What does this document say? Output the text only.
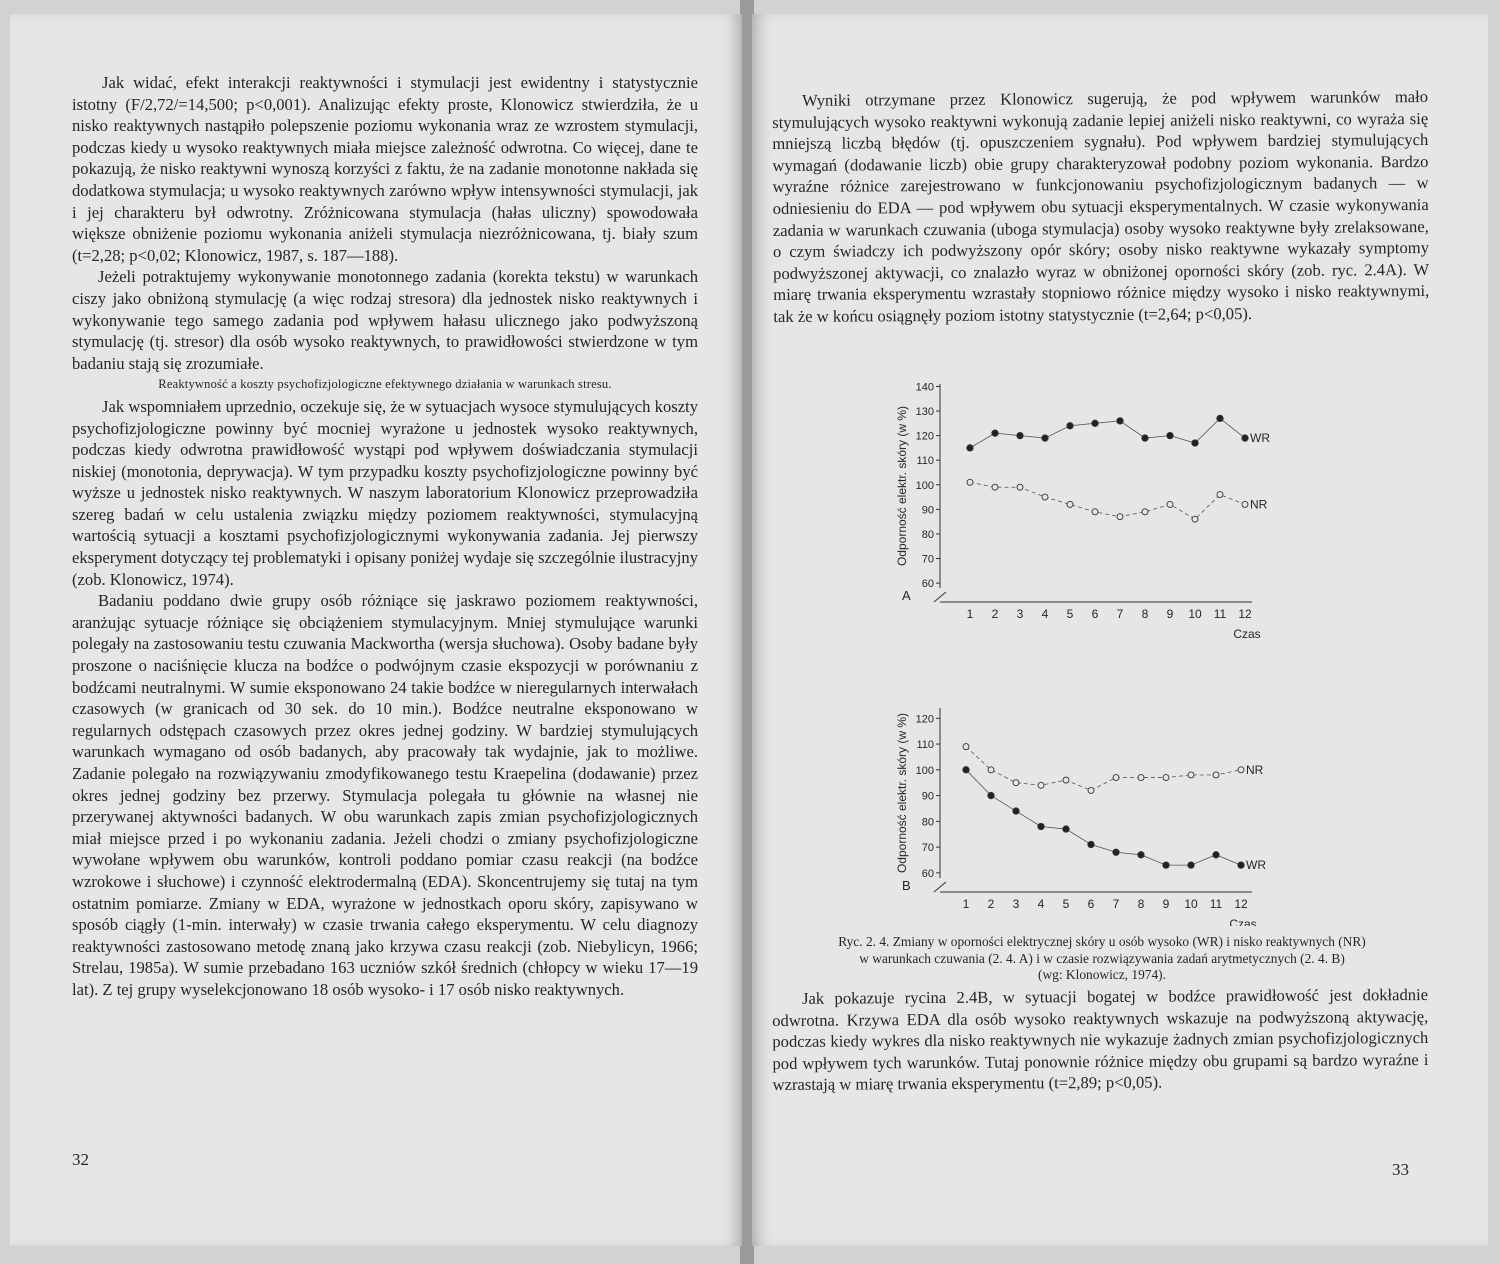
Jak widać, efekt interakcji reaktywności i stymulacji jest ewidentny i statystycznie istotny (F/2,72/=14,500; p<0,001). Analizując efekty proste, Klonowicz stwierdziła, że u nisko reaktywnych nastąpiło polepszenie poziomu wykonania wraz ze wzrostem stymulacji, podczas kiedy u wysoko reaktywnych miała miejsce zależność odwrotna. Co więcej, dane te pokazują, że nisko reaktywni wynoszą korzyści z faktu, że na zadanie monotonne nakłada się dodatkowa stymulacja; u wysoko reaktywnych zarówno wpływ intensywności stymulacji, jak i jej charakteru był odwrotny. Zróżnicowana stymulacja (hałas uliczny) spowodowała większe obniżenie poziomu wykonania aniżeli stymulacja niezróżnicowana, tj. biały szum (t=2,28; p<0,02; Klonowicz, 1987, s. 187—188).

Jeżeli potraktujemy wykonywanie monotonnego zadania (korekta tekstu) w warunkach ciszy jako obniżoną stymulację (a więc rodzaj stresora) dla jednostek nisko reaktywnych i wykonywanie tego samego zadania pod wpływem hałasu ulicznego jako podwyższoną stymulację (tj. stresor) dla osób wysoko reaktywnych, to prawidłowości stwierdzone w tym badaniu stają się zrozumiałe.

Reaktywność a koszty psychofizjologiczne efektywnego działania w warunkach stresu.

Jak wspomniałem uprzednio, oczekuje się, że w sytuacjach wysoce stymulujących koszty psychofizjologiczne powinny być mocniej wyrażone u jednostek wysoko reaktywnych, podczas kiedy odwrotna prawidłowość wystąpi pod wpływem doświadczania stymulacji niskiej (monotonia, deprywacja). W tym przypadku koszty psychofizjologiczne powinny być wyższe u jednostek nisko reaktywnych. W naszym laboratorium Klonowicz przeprowadziła szereg badań w celu ustalenia związku między poziomem reaktywności, stymulacyjną wartością sytuacji a kosztami psychofizjologicznymi wykonywania zadania. Jej pierwszy eksperyment dotyczący tej problematyki i opisany poniżej wydaje się szczególnie ilustracyjny (zob. Klonowicz, 1974).

Badaniu poddano dwie grupy osób różniące się jaskrawo poziomem reaktywności, aranżując sytuacje różniące się obciążeniem stymulacyjnym. Mniej stymulujące warunki polegały na zastosowaniu testu czuwania Mackwortha (wersja słuchowa). Osoby badane były proszone o naciśnięcie klucza na bodźce o podwójnym czasie ekspozycji w porównaniu z bodźcami neutralnymi. W sumie eksponowano 24 takie bodźce w nieregularnych interwałach czasowych (w granicach od 30 sek. do 10 min.). Bodźce neutralne eksponowano w regularnych odstępach czasowych przez okres jednej godziny. W bardziej stymulujących warunkach wymagano od osób badanych, aby pracowały tak wydajnie, jak to możliwe. Zadanie polegało na rozwiązywaniu zmodyfikowanego testu Kraepelina (dodawanie) przez okres jednej godziny bez przerwy. Stymulacja polegała tu głównie na własnej nie przerywanej aktywności badanych. W obu warunkach zapis zmian psychofizjologicznych miał miejsce przed i po wykonaniu zadania. Jeżeli chodzi o zmiany psychofizjologiczne wywołane wpływem obu warunków, kontroli poddano pomiar czasu reakcji (na bodźce wzrokowe i słuchowe) i czynność elektrodermalną (EDA). Skoncentrujemy się tutaj na tym ostatnim pomiarze. Zmiany w EDA, wyrażone w jednostkach oporu skóry, zapisywano w sposób ciągły (1-min. interwały) w czasie trwania całego eksperymentu. W celu diagnozy reaktywności zastosowano metodę znaną jako krzywa czasu reakcji (zob. Niebylicyn, 1966; Strelau, 1985a). W sumie przebadano 163 uczniów szkół średnich (chłopcy w wieku 17—19 lat). Z tej grupy wyselekcjonowano 18 osób wysoko- i 17 osób nisko reaktywnych.

32

Wyniki otrzymane przez Klonowicz sugerują, że pod wpływem warunków mało stymulujących wysoko reaktywni wykonują zadanie lepiej aniżeli nisko reaktywni, co wyraża się mniejszą liczbą błędów (tj. opuszczeniem sygnału). Pod wpływem bardziej stymulujących wymagań (dodawanie liczb) obie grupy charakteryzował podobny poziom wykonania. Bardzo wyraźne różnice zarejestrowano w funkcjonowaniu psychofizjologicznym badanych — w odniesieniu do EDA — pod wpływem obu sytuacji eksperymentalnych. W czasie wykonywania zadania w warunkach czuwania (uboga stymulacja) osoby wysoko reaktywne były zrelaksowane, o czym świadczy ich podwyższony opór skóry; osoby nisko reaktywne wykazały symptomy podwyższonej aktywacji, co znalazło wyraz w obniżonej oporności skóry (zob. ryc. 2.4A). W miarę trwania eksperymentu wzrastały stopniowo różnice między wysoko i nisko reaktywnymi, tak że w końcu osiągnęły poziom istotny statystycznie (t=2,64; p<0,05).

60
70
80
90
100
110
120
130
140
1 2 3 4 5 6 7 8 9 10 11 12
Czas
Odporność elektr. skóry (w %)
A
WR
NR
60
70
80
90
100
110
120
1 2 3 4 5 6 7 8 9 10 11 12
Czas
Odporność elektr. skóry (w %)
B
NR
WR
Ryc. 2. 4. Zmiany w oporności elektrycznej skóry u osób wysoko (WR) i nisko reaktywnych (NR)
w warunkach czuwania (2. 4. A) i w czasie rozwiązywania zadań arytmetycznych (2. 4. B)
(wg: Klonowicz, 1974).

Jak pokazuje rycina 2.4B, w sytuacji bogatej w bodźce prawidłowość jest dokładnie odwrotna. Krzywa EDA dla osób wysoko reaktywnych wskazuje na podwyższoną aktywację, podczas kiedy wykres dla nisko reaktywnych nie wykazuje żadnych zmian psychofizjologicznych pod wpływem tych warunków. Tutaj ponownie różnice między obu grupami są bardzo wyraźne i wzrastają w miarę trwania eksperymentu (t=2,89; p<0,05).

33
